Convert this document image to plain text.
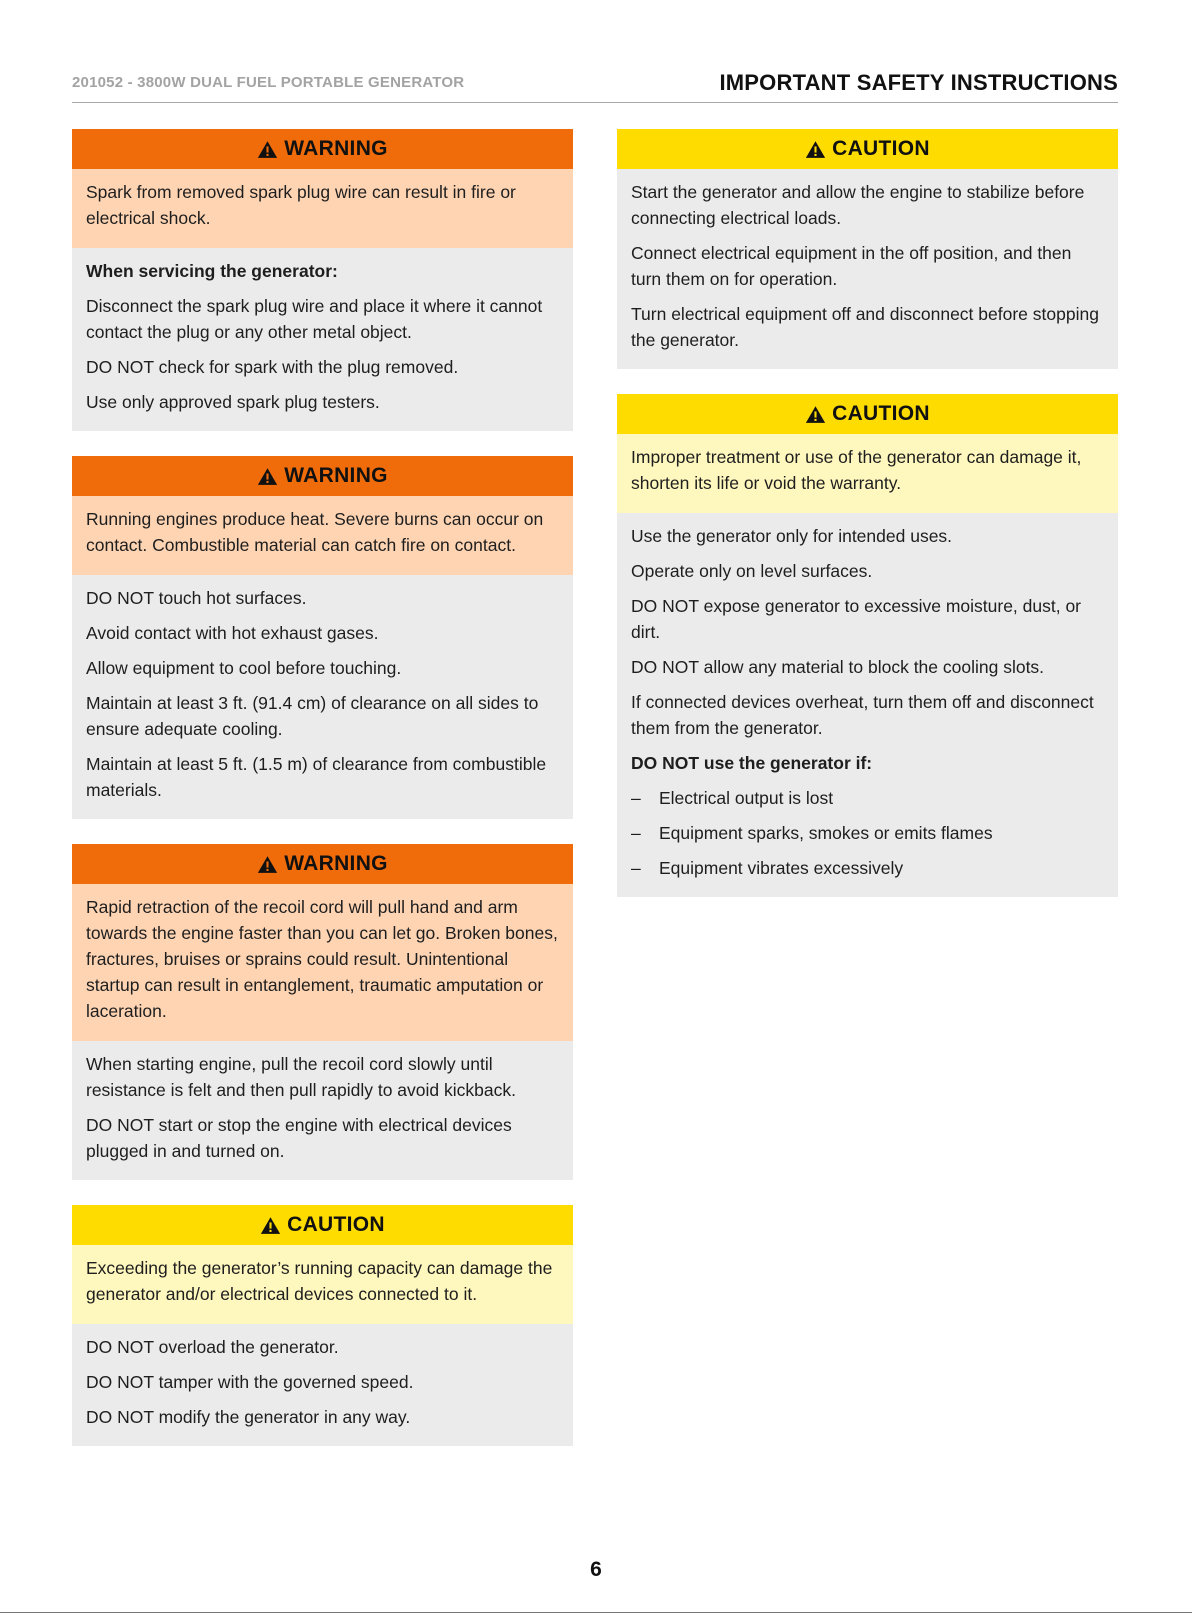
201052 - 3800W DUAL FUEL PORTABLE GENERATOR	IMPORTANT SAFETY INSTRUCTIONS
WARNING

Spark from removed spark plug wire can result in fire or electrical shock.

When servicing the generator:

Disconnect the spark plug wire and place it where it cannot contact the plug or any other metal object.

DO NOT check for spark with the plug removed.

Use only approved spark plug testers.

WARNING

Running engines produce heat. Severe burns can occur on contact. Combustible material can catch fire on contact.

DO NOT touch hot surfaces.

Avoid contact with hot exhaust gases.

Allow equipment to cool before touching.

Maintain at least 3 ft. (91.4 cm) of clearance on all sides to ensure adequate cooling.

Maintain at least 5 ft. (1.5 m) of clearance from combustible materials.

WARNING

Rapid retraction of the recoil cord will pull hand and arm towards the engine faster than you can let go. Broken bones, fractures, bruises or sprains could result. Unintentional startup can result in entanglement, traumatic amputation or laceration.

When starting engine, pull the recoil cord slowly until resistance is felt and then pull rapidly to avoid kickback.

DO NOT start or stop the engine with electrical devices plugged in and turned on.

CAUTION

Exceeding the generator’s running capacity can damage the generator and/or electrical devices connected to it.

DO NOT overload the generator.

DO NOT tamper with the governed speed.

DO NOT modify the generator in any way.

CAUTION

Start the generator and allow the engine to stabilize before connecting electrical loads.

Connect electrical equipment in the off position, and then turn them on for operation.

Turn electrical equipment off and disconnect before stopping the generator.

CAUTION

Improper treatment or use of the generator can damage it, shorten its life or void the warranty.

Use the generator only for intended uses.

Operate only on level surfaces.

DO NOT expose generator to excessive moisture, dust, or dirt.

DO NOT allow any material to block the cooling slots.

If connected devices overheat, turn them off and disconnect them from the generator.

DO NOT use the generator if:

–	Electrical output is lost

–	Equipment sparks, smokes or emits flames

–	Equipment vibrates excessively

6
